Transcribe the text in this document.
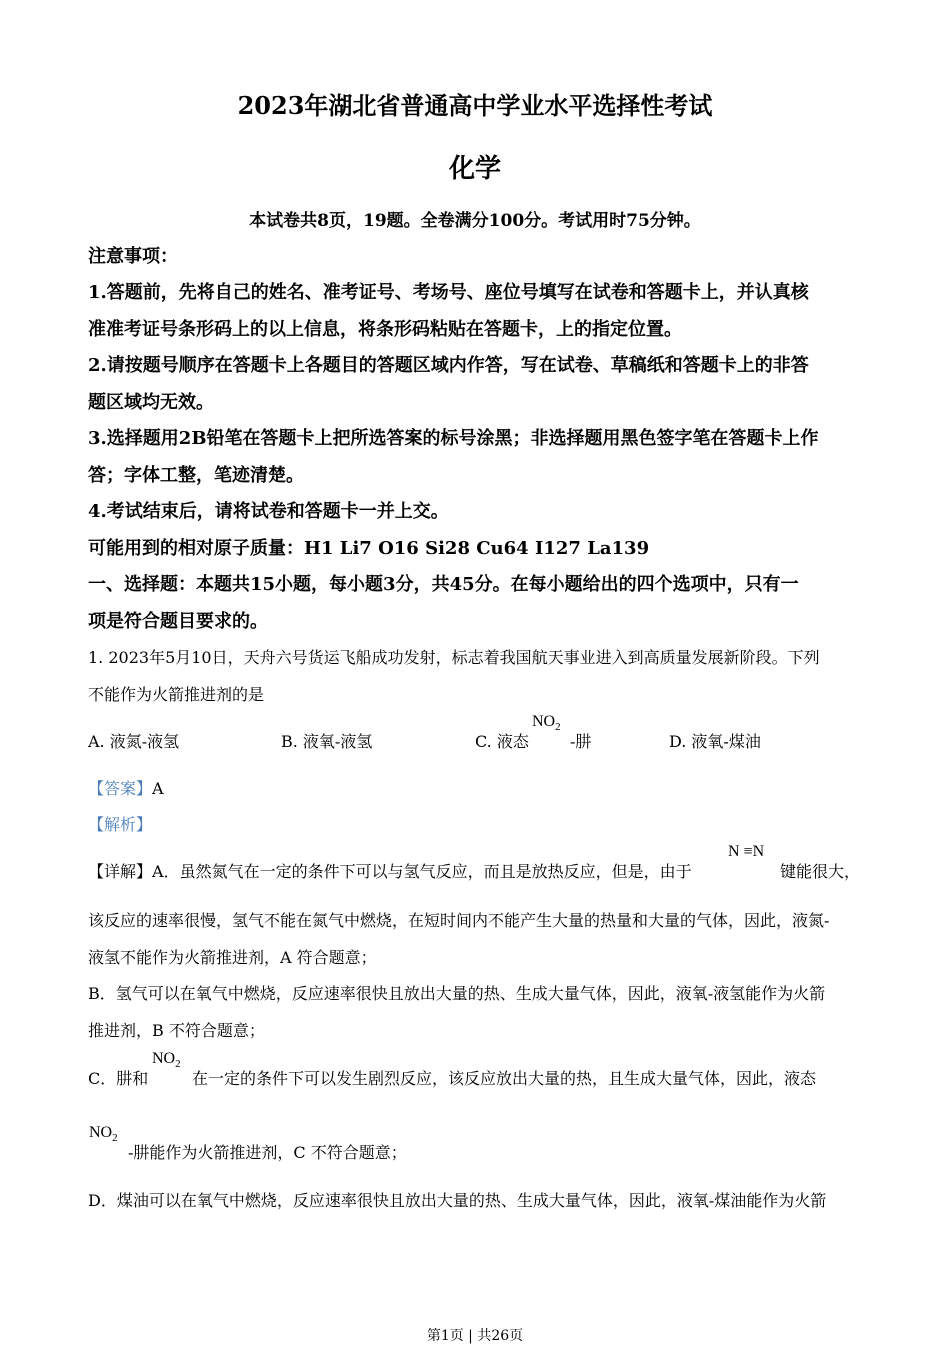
2023年湖北省普通高中学业水平选择性考试
化学
本试卷共8页，19题。全卷满分100分。考试用时75分钟。
注意事项：
1.答题前，先将自己的姓名、准考证号、考场号、座位号填写在试卷和答题卡上，并认真核
准准考证号条形码上的以上信息，将条形码粘贴在答题卡，上的指定位置。
2.请按题号顺序在答题卡上各题目的答题区域内作答，写在试卷、草稿纸和答题卡上的非答
题区域均无效。
3.选择题用2B铅笔在答题卡上把所选答案的标号涂黑；非选择题用黑色签字笔在答题卡上作
答；字体工整，笔迹清楚。
4.考试结束后，请将试卷和答题卡一并上交。
可能用到的相对原子质量：H1 Li7 O16 Si28 Cu64 I127 La139
一、选择题：本题共15小题，每小题3分，共45分。在每小题给出的四个选项中，只有一
项是符合题目要求的。
1. 2023年5月10日，天舟六号货运飞船成功发射，标志着我国航天事业进入到高质量发展新阶段。下列
不能作为火箭推进剂的是
A. 液氮-液氢	B. 液氧-液氢	C. 液态
$NO_2$
-肼	D. 液氧-煤油
【答案】A
【解析】
【详解】A．虽然氮气在一定的条件下可以与氢气反应，而且是放热反应，但是，由于
N ≡N
键能很大，
该反应的速率很慢，氢气不能在氮气中燃烧，在短时间内不能产生大量的热量和大量的气体，因此，液氮-
液氢不能作为火箭推进剂，A 符合题意；
B．氢气可以在氧气中燃烧，反应速率很快且放出大量的热、生成大量气体，因此，液氧-液氢能作为火箭
推进剂，B 不符合题意；
C．肼和
$NO_2$
在一定的条件下可以发生剧烈反应，该反应放出大量的热，且生成大量气体，因此，液态
$NO_2$
-肼能作为火箭推进剂，C 不符合题意；
D．煤油可以在氧气中燃烧，反应速率很快且放出大量的热、生成大量气体，因此，液氧-煤油能作为火箭
第1页 | 共26页
